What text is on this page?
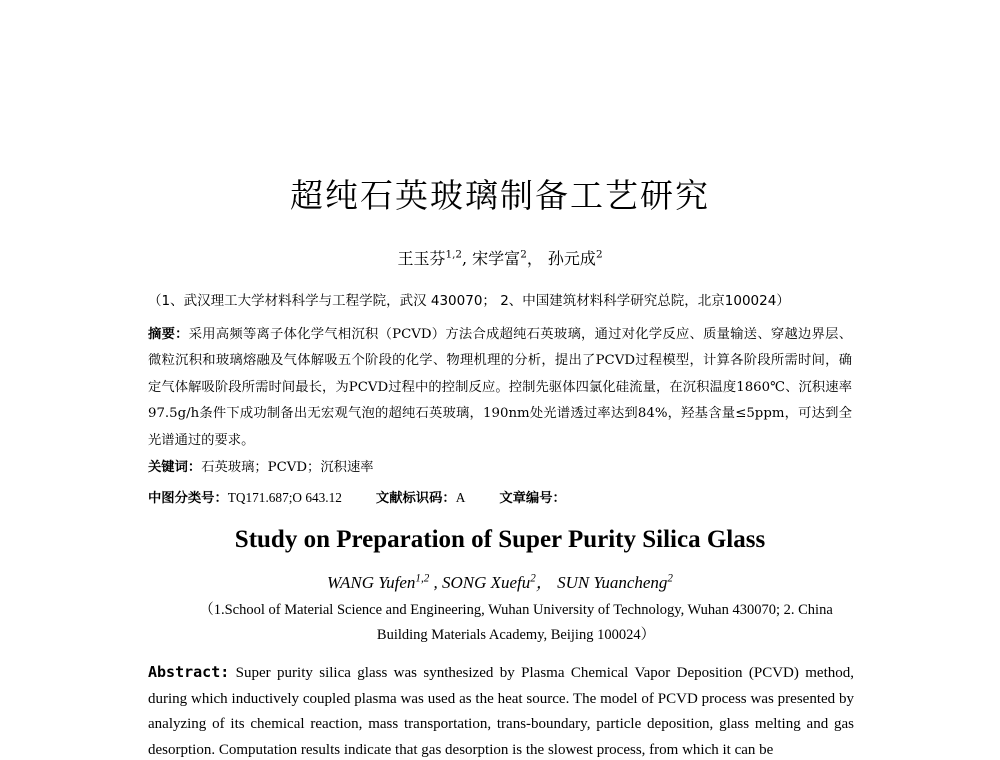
超纯石英玻璃制备工艺研究
王玉芬$^{1,2}$, 宋学富$^2$， 孙元成$^2$
（1、武汉理工大学材料科学与工程学院，武汉 430070； 2、中国建筑材料科学研究总院，北京100024）
摘要：采用高频等离子体化学气相沉积（PCVD）方法合成超纯石英玻璃，通过对化学反应、质量输送、穿越边界层、微粒沉积和玻璃熔融及气体解吸五个阶段的化学、物理机理的分析，提出了PCVD过程模型，计算各阶段所需时间，确定气体解吸阶段所需时间最长，为PCVD过程中的控制反应。控制先驱体四氯化硅流量，在沉积温度1860℃、沉积速率97.5g/h条件下成功制备出无宏观气泡的超纯石英玻璃，190nm处光谱透过率达到84%，羟基含量≤5ppm，可达到全光谱通过的要求。
关键词：石英玻璃；PCVD；沉积速率
中图分类号：TQ171.687;O 643.12	文献标识码：A	文章编号：
Study on Preparation of Super Purity Silica Glass
WANG Yufen$^{1,2}$ , SONG Xuefu$^2$， SUN Yuancheng$^2$
（1.School of Material Science and Engineering, Wuhan University of Technology, Wuhan 430070; 2. China Building Materials Academy, Beijing 100024）
Abstract: Super purity silica glass was synthesized by Plasma Chemical Vapor Deposition (PCVD) method, during which inductively coupled plasma was used as the heat source. The model of PCVD process was presented by analyzing of its chemical reaction, mass transportation, trans-boundary, particle deposition, glass melting and gas desorption. Computation results indicate that gas desorption is the slowest process, from which it can be
